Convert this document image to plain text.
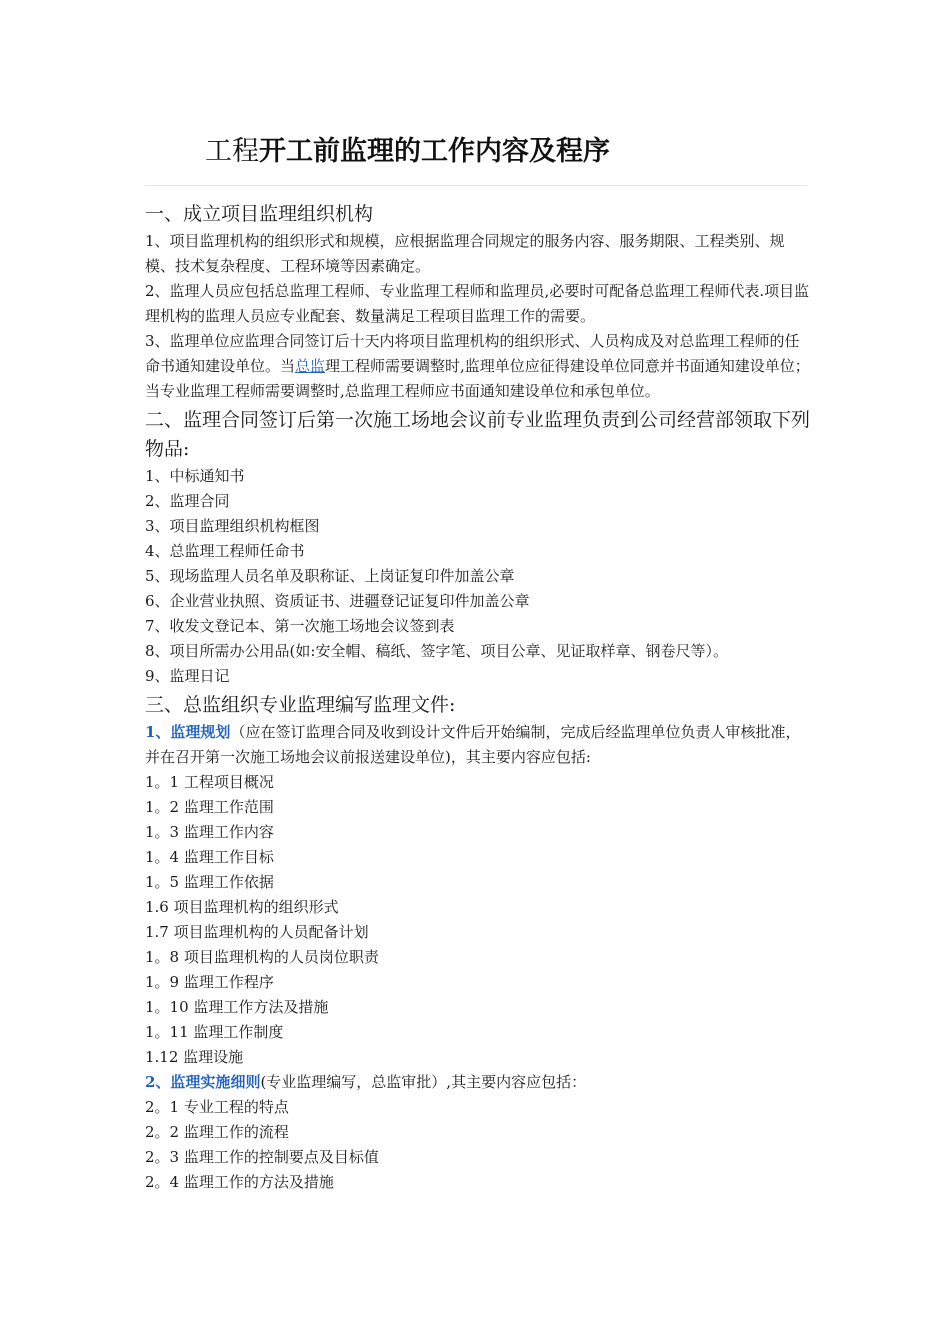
工程开工前监理的工作内容及程序
一、成立项目监理组织机构

1、项目监理机构的组织形式和规模，应根据监理合同规定的服务内容、服务期限、工程类别、规模、技术复杂程度、工程环境等因素确定。

2、监理人员应包括总监理工程师、专业监理工程师和监理员,必要时可配备总监理工程师代表.项目监理机构的监理人员应专业配套、数量满足工程项目监理工作的需要。

3、监理单位应监理合同签订后十天内将项目监理机构的组织形式、人员构成及对总监理工程师的任命书通知建设单位。当总监理工程师需要调整时,监理单位应征得建设单位同意并书面通知建设单位；当专业监理工程师需要调整时,总监理工程师应书面通知建设单位和承包单位。

二、监理合同签订后第一次施工场地会议前专业监理负责到公司经营部领取下列物品:

1、中标通知书

2、监理合同

3、项目监理组织机构框图

4、总监理工程师任命书

5、现场监理人员名单及职称证、上岗证复印件加盖公章

6、企业营业执照、资质证书、进疆登记证复印件加盖公章

7、收发文登记本、第一次施工场地会议签到表

8、项目所需办公用品(如:安全帽、稿纸、签字笔、项目公章、见证取样章、钢卷尺等）。

9、监理日记

三、总监组织专业监理编写监理文件:

1、监理规划（应在签订监理合同及收到设计文件后开始编制，完成后经监理单位负责人审核批准，并在召开第一次施工场地会议前报送建设单位)，其主要内容应包括:

1。1 工程项目概况

1。2 监理工作范围

1。3 监理工作内容

1。4 监理工作目标

1。5 监理工作依据

1.6 项目监理机构的组织形式

1.7 项目监理机构的人员配备计划

1。8 项目监理机构的人员岗位职责

1。9 监理工作程序

1。10 监理工作方法及措施

1。11 监理工作制度

1.12 监理设施

2、监理实施细则(专业监理编写，总监审批）,其主要内容应包括：

2。1 专业工程的特点

2。2 监理工作的流程

2。3 监理工作的控制要点及目标值

2。4 监理工作的方法及措施
